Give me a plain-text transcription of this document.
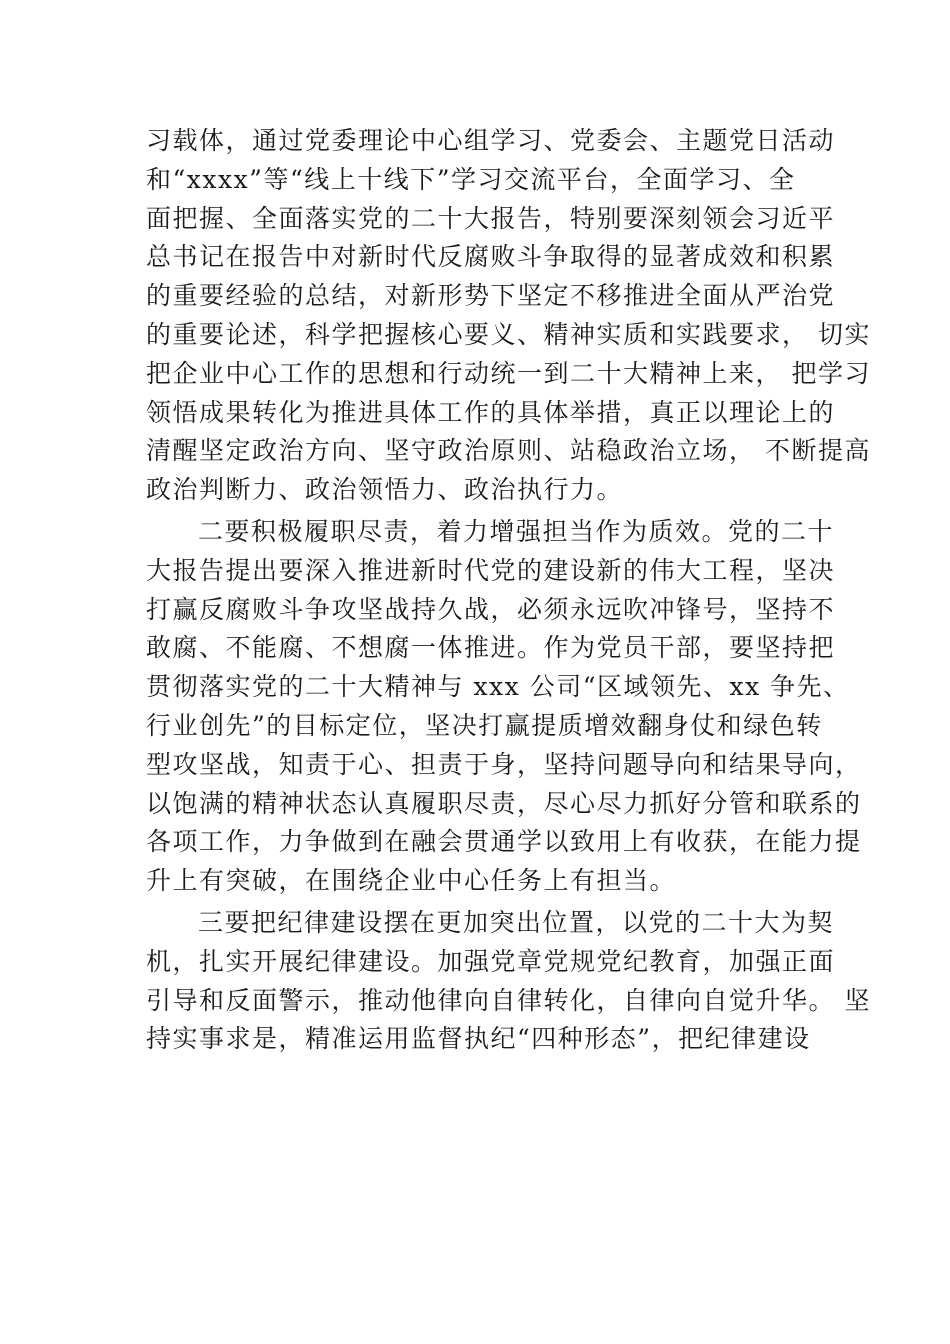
习载体，通过党委理论中心组学习、党委会、主题党日活动
和“xxxx”等“线上十线下”学习交流平台，全面学习、全
面把握、全面落实党的二十大报告，特别要深刻领会习近平
总书记在报告中对新时代反腐败斗争取得的显著成效和积累
的重要经验的总结，对新形势下坚定不移推进全面从严治党
的重要论述，科学把握核心要义、精神实质和实践要求， 切实
把企业中心工作的思想和行动统一到二十大精神上来， 把学习
领悟成果转化为推进具体工作的具体举措，真正以理论上的
清醒坚定政治方向、坚守政治原则、站稳政治立场， 不断提高
政治判断力、政治领悟力、政治执行力。
二要积极履职尽责，着力增强担当作为质效。党的二十
大报告提出要深入推进新时代党的建设新的伟大工程，坚决
打赢反腐败斗争攻坚战持久战，必须永远吹冲锋号，坚持不
敢腐、不能腐、不想腐一体推进。作为党员干部，要坚持把
贯彻落实党的二十大精神与 xxx 公司“区域领先、xx 争先、
行业创先”的目标定位，坚决打赢提质增效翻身仗和绿色转
型攻坚战，知责于心、担责于身，坚持问题导向和结果导向，
以饱满的精神状态认真履职尽责，尽心尽力抓好分管和联系的
各项工作，力争做到在融会贯通学以致用上有收获，在能力提
升上有突破，在围绕企业中心任务上有担当。
三要把纪律建设摆在更加突出位置，以党的二十大为契
机，扎实开展纪律建设。加强党章党规党纪教育，加强正面
引导和反面警示，推动他律向自律转化，自律向自觉升华。 坚
持实事求是，精准运用监督执纪“四种形态”，把纪律建设
